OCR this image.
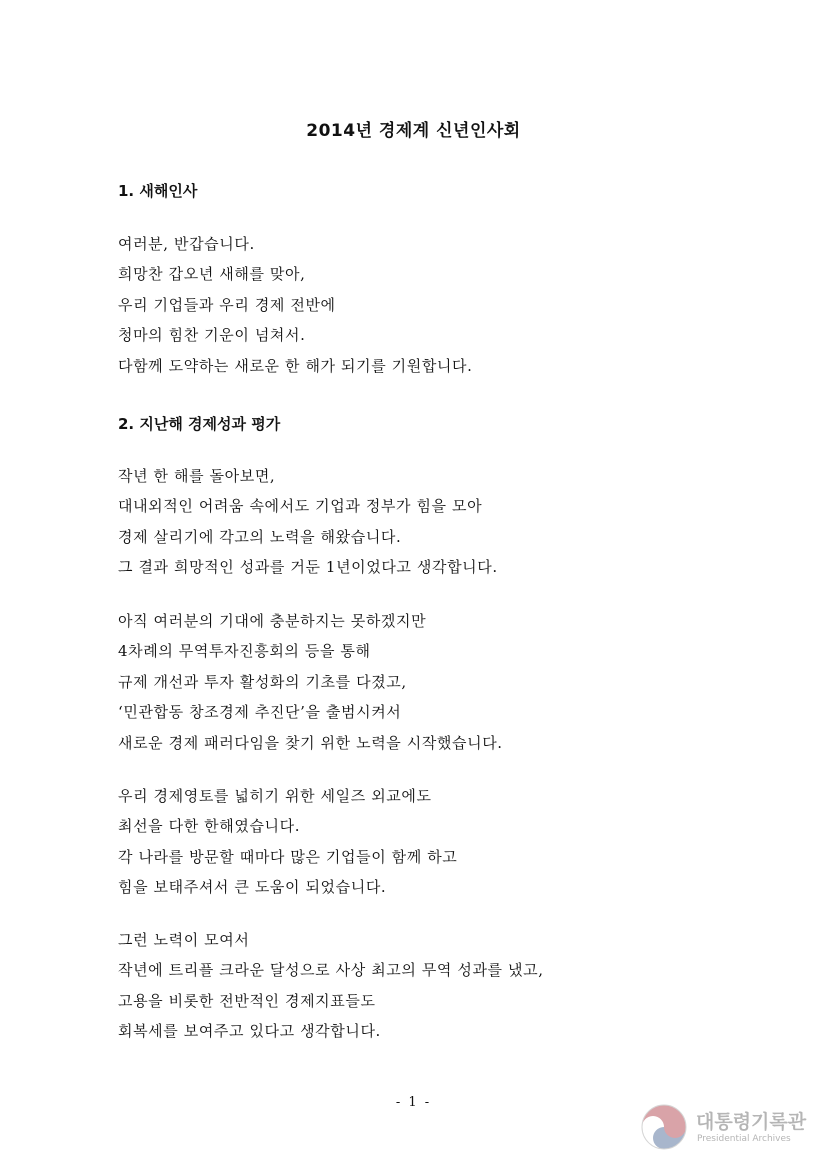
2014년 경제계 신년인사회
1. 새해인사
여러분, 반갑습니다.
희망찬 갑오년 새해를 맞아,
우리 기업들과 우리 경제 전반에
청마의 힘찬 기운이 넘쳐서.
다함께 도약하는 새로운 한 해가 되기를 기원합니다.
2. 지난해 경제성과 평가
작년 한 해를 돌아보면,
대내외적인 어려움 속에서도 기업과 정부가 힘을 모아
경제 살리기에 각고의 노력을 해왔습니다.
그 결과 희망적인 성과를 거둔 1년이었다고 생각합니다.
아직 여러분의 기대에 충분하지는 못하겠지만
4차례의 무역투자진흥회의 등을 통해
규제 개선과 투자 활성화의 기초를 다졌고,
‘민관합동 창조경제 추진단’을 출범시켜서
새로운 경제 패러다임을 찾기 위한 노력을 시작했습니다.
우리 경제영토를 넓히기 위한 세일즈 외교에도
최선을 다한 한해였습니다.
각 나라를 방문할 때마다 많은 기업들이 함께 하고
힘을 보태주셔서 큰 도움이 되었습니다.
그런 노력이 모여서
작년에 트리플 크라운 달성으로 사상 최고의 무역 성과를 냈고,
고용을 비롯한 전반적인 경제지표들도
회복세를 보여주고 있다고 생각합니다.
- 1 -
대통령기록관
Presidential Archives
